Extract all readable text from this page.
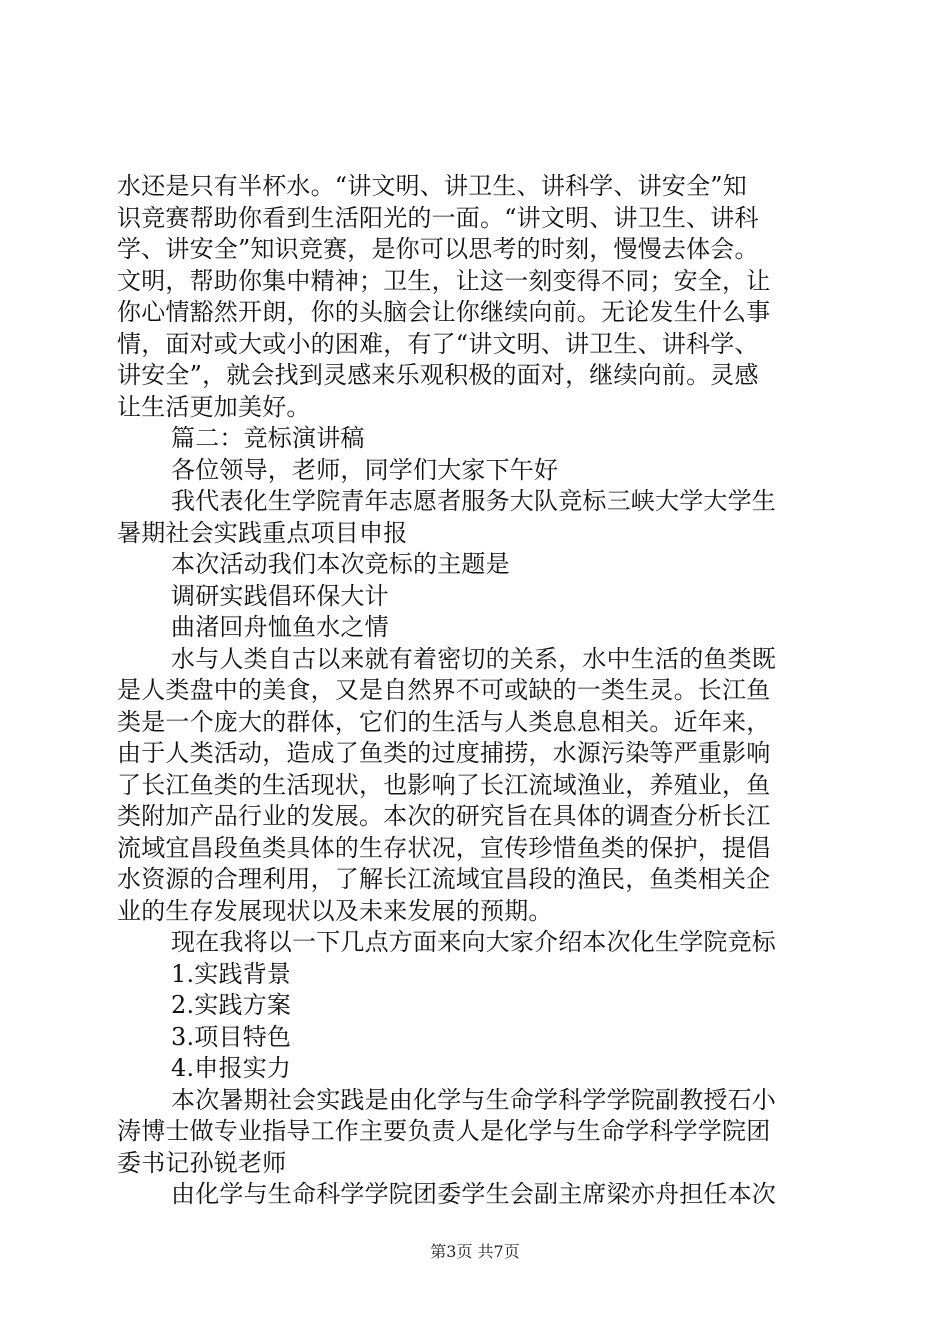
水还是只有半杯水。“讲文明、讲卫生、讲科学、讲安全”知
识竞赛帮助你看到生活阳光的一面。“讲文明、讲卫生、讲科
学、讲安全”知识竞赛，是你可以思考的时刻，慢慢去体会。
文明，帮助你集中精神；卫生，让这一刻变得不同；安全，让
你心情豁然开朗，你的头脑会让你继续向前。无论发生什么事
情，面对或大或小的困难，有了“讲文明、讲卫生、讲科学、
讲安全”，就会找到灵感来乐观积极的面对，继续向前。灵感
让生活更加美好。
篇二：竞标演讲稿
各位领导，老师，同学们大家下午好
我代表化生学院青年志愿者服务大队竞标三峡大学大学生
暑期社会实践重点项目申报
本次活动我们本次竞标的主题是
调研实践倡环保大计
曲渚回舟恤鱼水之情
水与人类自古以来就有着密切的关系，水中生活的鱼类既
是人类盘中的美食，又是自然界不可或缺的一类生灵。长江鱼
类是一个庞大的群体，它们的生活与人类息息相关。近年来，
由于人类活动，造成了鱼类的过度捕捞，水源污染等严重影响
了长江鱼类的生活现状，也影响了长江流域渔业，养殖业，鱼
类附加产品行业的发展。本次的研究旨在具体的调查分析长江
流域宜昌段鱼类具体的生存状况，宣传珍惜鱼类的保护，提倡
水资源的合理利用，了解长江流域宜昌段的渔民，鱼类相关企
业的生存发展现状以及未来发展的预期。
现在我将以一下几点方面来向大家介绍本次化生学院竞标
1.实践背景
2.实践方案
3.项目特色
4.申报实力
本次暑期社会实践是由化学与生命学科学学院副教授石小
涛博士做专业指导工作主要负责人是化学与生命学科学学院团
委书记孙锐老师
由化学与生命科学学院团委学生会副主席梁亦舟担任本次
第3页 共7页
